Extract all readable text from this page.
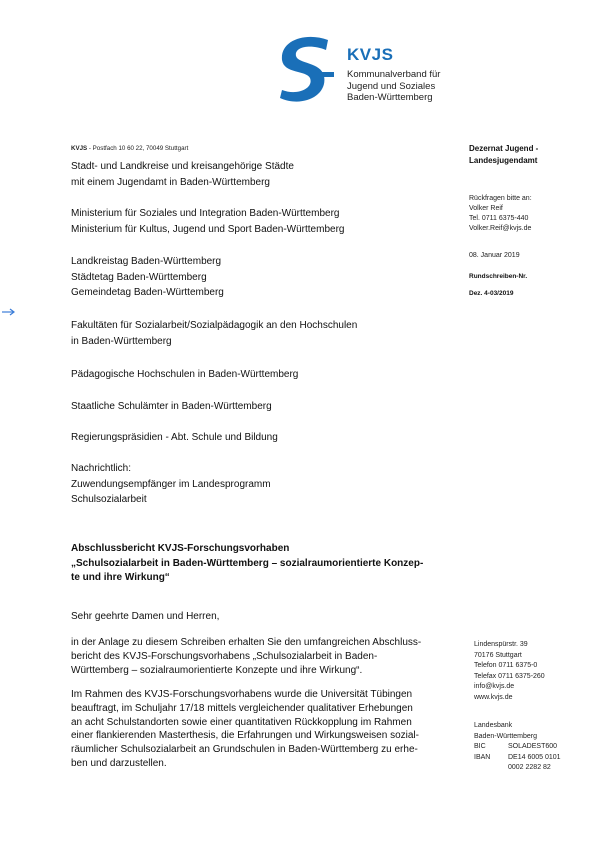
KVJS
Kommunalverband für
Jugend und Soziales
Baden-Württemberg
KVJS - Postfach 10 60 22, 70049 Stuttgart
Stadt- und Landkreise und kreisangehörige Städte
mit einem Jugendamt in Baden-Württemberg
Ministerium für Soziales und Integration Baden-Württemberg
Ministerium für Kultus, Jugend und Sport Baden-Württemberg
Landkreistag Baden-Württemberg
Städtetag Baden-Württemberg
Gemeindetag Baden-Württemberg
Fakultäten für Sozialarbeit/Sozialpädagogik an den Hochschulen
in Baden-Württemberg
Pädagogische Hochschulen in Baden-Württemberg
Staatliche Schulämter in Baden-Württemberg
Regierungspräsidien - Abt. Schule und Bildung
Nachrichtlich:
Zuwendungsempfänger im Landesprogramm
Schulsozialarbeit
Dezernat Jugend -
Landesjugendamt
Rückfragen bitte an:
Volker Reif
Tel. 0711 6375-440
Volker.Reif@kvjs.de
08. Januar 2019
Rundschreiben-Nr.
Dez. 4-03/2019
Abschlussbericht KVJS-Forschungsvorhaben
„Schulsozialarbeit in Baden-Württemberg – sozialraumorientierte Konzep-
te und ihre Wirkung“
Sehr geehrte Damen und Herren,
in der Anlage zu diesem Schreiben erhalten Sie den umfangreichen Abschluss-
bericht des KVJS-Forschungsvorhabens „Schulsozialarbeit in Baden-
Württemberg – sozialraumorientierte Konzepte und ihre Wirkung“.
Im Rahmen des KVJS-Forschungsvorhabens wurde die Universität Tübingen
beauftragt, im Schuljahr 17/18 mittels vergleichender qualitativer Erhebungen
an acht Schulstandorten sowie einer quantitativen Rückkopplung im Rahmen
einer flankierenden Masterthesis, die Erfahrungen und Wirkungsweisen sozial-
räumlicher Schulsozialarbeit an Grundschulen in Baden-Württemberg zu erhe-
ben und darzustellen.
Lindenspürstr. 39
70176 Stuttgart
Telefon 0711 6375-0
Telefax 0711 6375-260
info@kvjs.de
www.kvjs.de
Landesbank
Baden-Württemberg
BIC	SOLADEST600
IBAN	DE14 6005 0101
0002 2282 82
